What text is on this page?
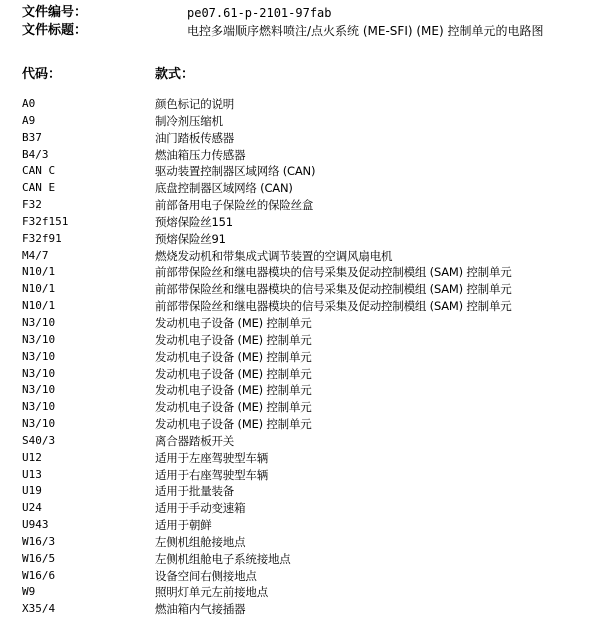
文件编号：	pe07.61-p-2101-97fab
文件标题：	电控多端顺序燃料喷注/点火系统 (ME-SFI) (ME) 控制单元的电路图
代码：	款式：
A0	颜色标记的说明
A9	制冷剂压缩机
B37	油门踏板传感器
B4/3	燃油箱压力传感器
CAN C	驱动装置控制器区域网络 (CAN)
CAN E	底盘控制器区域网络 (CAN)
F32	前部备用电子保险丝的保险丝盒
F32f151	预熔保险丝151
F32f91	预熔保险丝91
M4/7	燃烧发动机和带集成式调节装置的空调风扇电机
N10/1	前部带保险丝和继电器模块的信号采集及促动控制模组 (SAM) 控制单元
N10/1	前部带保险丝和继电器模块的信号采集及促动控制模组 (SAM) 控制单元
N10/1	前部带保险丝和继电器模块的信号采集及促动控制模组 (SAM) 控制单元
N3/10	发动机电子设备 (ME) 控制单元
N3/10	发动机电子设备 (ME) 控制单元
N3/10	发动机电子设备 (ME) 控制单元
N3/10	发动机电子设备 (ME) 控制单元
N3/10	发动机电子设备 (ME) 控制单元
N3/10	发动机电子设备 (ME) 控制单元
N3/10	发动机电子设备 (ME) 控制单元
S40/3	离合器踏板开关
U12	适用于左座驾驶型车辆
U13	适用于右座驾驶型车辆
U19	适用于批量装备
U24	适用于手动变速箱
U943	适用于朝鲜
W16/3	左侧机组舱接地点
W16/5	左侧机组舱电子系统接地点
W16/6	设备空间右侧接地点
W9	照明灯单元左前接地点
X35/4	燃油箱内气接插器
